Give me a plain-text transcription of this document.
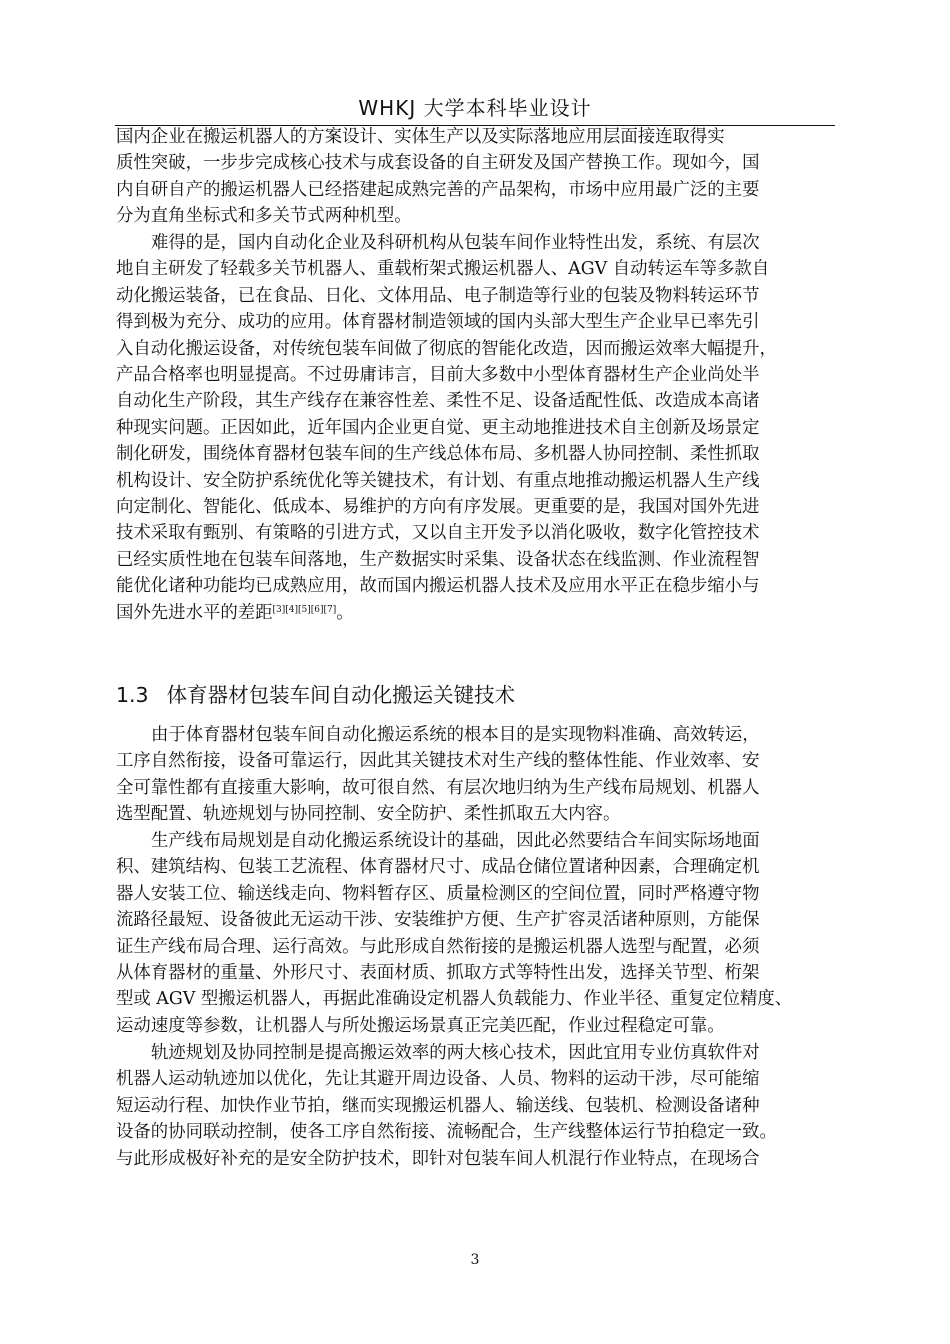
WHKJ 大学本科毕业设计

国内企业在搬运机器人的方案设计、实体生产以及实际落地应用层面接连取得实
质性突破，一步步完成核心技术与成套设备的自主研发及国产替换工作。现如今，国
内自研自产的搬运机器人已经搭建起成熟完善的产品架构，市场中应用最广泛的主要
分为直角坐标式和多关节式两种机型。

难得的是，国内自动化企业及科研机构从包装车间作业特性出发，系统、有层次
地自主研发了轻载多关节机器人、重载桁架式搬运机器人、AGV 自动转运车等多款自
动化搬运装备，已在食品、日化、文体用品、电子制造等行业的包装及物料转运环节
得到极为充分、成功的应用。体育器材制造领域的国内头部大型生产企业早已率先引
入自动化搬运设备，对传统包装车间做了彻底的智能化改造，因而搬运效率大幅提升，
产品合格率也明显提高。不过毋庸讳言，目前大多数中小型体育器材生产企业尚处半
自动化生产阶段，其生产线存在兼容性差、柔性不足、设备适配性低、改造成本高诸
种现实问题。正因如此，近年国内企业更自觉、更主动地推进技术自主创新及场景定
制化研发，围绕体育器材包装车间的生产线总体布局、多机器人协同控制、柔性抓取
机构设计、安全防护系统优化等关键技术，有计划、有重点地推动搬运机器人生产线
向定制化、智能化、低成本、易维护的方向有序发展。更重要的是，我国对国外先进
技术采取有甄别、有策略的引进方式，又以自主开发予以消化吸收，数字化管控技术
已经实质性地在包装车间落地，生产数据实时采集、设备状态在线监测、作业流程智
能优化诸种功能均已成熟应用，故而国内搬运机器人技术及应用水平正在稳步缩小与
国外先进水平的差距[3][4][5][6][7]。

1.3 体育器材包装车间自动化搬运关键技术

由于体育器材包装车间自动化搬运系统的根本目的是实现物料准确、高效转运，
工序自然衔接，设备可靠运行，因此其关键技术对生产线的整体性能、作业效率、安
全可靠性都有直接重大影响，故可很自然、有层次地归纳为生产线布局规划、机器人
选型配置、轨迹规划与协同控制、安全防护、柔性抓取五大内容。

生产线布局规划是自动化搬运系统设计的基础，因此必然要结合车间实际场地面
积、建筑结构、包装工艺流程、体育器材尺寸、成品仓储位置诸种因素，合理确定机
器人安装工位、输送线走向、物料暂存区、质量检测区的空间位置，同时严格遵守物
流路径最短、设备彼此无运动干涉、安装维护方便、生产扩容灵活诸种原则，方能保
证生产线布局合理、运行高效。与此形成自然衔接的是搬运机器人选型与配置，必须
从体育器材的重量、外形尺寸、表面材质、抓取方式等特性出发，选择关节型、桁架
型或 AGV 型搬运机器人，再据此准确设定机器人负载能力、作业半径、重复定位精度、
运动速度等参数，让机器人与所处搬运场景真正完美匹配，作业过程稳定可靠。

轨迹规划及协同控制是提高搬运效率的两大核心技术，因此宜用专业仿真软件对
机器人运动轨迹加以优化，先让其避开周边设备、人员、物料的运动干涉，尽可能缩
短运动行程、加快作业节拍，继而实现搬运机器人、输送线、包装机、检测设备诸种
设备的协同联动控制，使各工序自然衔接、流畅配合，生产线整体运行节拍稳定一致。
与此形成极好补充的是安全防护技术，即针对包装车间人机混行作业特点，在现场合

3
